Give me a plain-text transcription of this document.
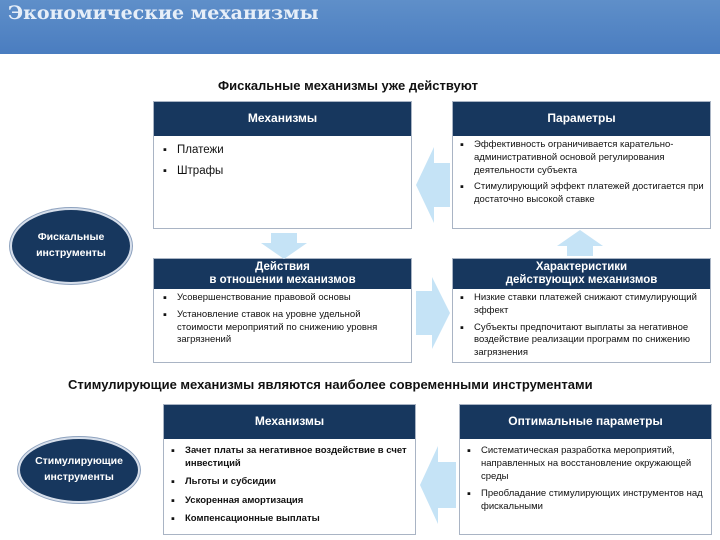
Экономические механизмы
Фискальные механизмы уже действуют
Фискальные
инструменты
Механизмы
▪ Платежи
▪ Штрафы
Параметры
▪ Эффективность ограничивается карательно-административной основой регулирования деятельности субъекта
▪ Стимулирующий эффект платежей достигается при достаточно высокой ставке
Действия
в отношении механизмов
▪ Усовершенствование правовой основы
▪ Установление ставок на уровне удельной стоимости мероприятий по снижению уровня загрязнений
Характеристики
действующих механизмов
▪ Низкие ставки платежей снижают стимулирующий эффект
▪ Субъекты предпочитают выплаты за негативное воздействие реализации программ по снижению загрязнения
Стимулирующие механизмы являются наиболее современными инструментами
Стимулирующие
инструменты
Механизмы
▪ Зачет платы за негативное воздействие в счет инвестиций
▪ Льготы и субсидии
▪ Ускоренная амортизация
▪ Компенсационные выплаты
Оптимальные параметры
▪ Систематическая разработка мероприятий, направленных на восстановление окружающей среды
▪ Преобладание стимулирующих инструментов над фискальными
